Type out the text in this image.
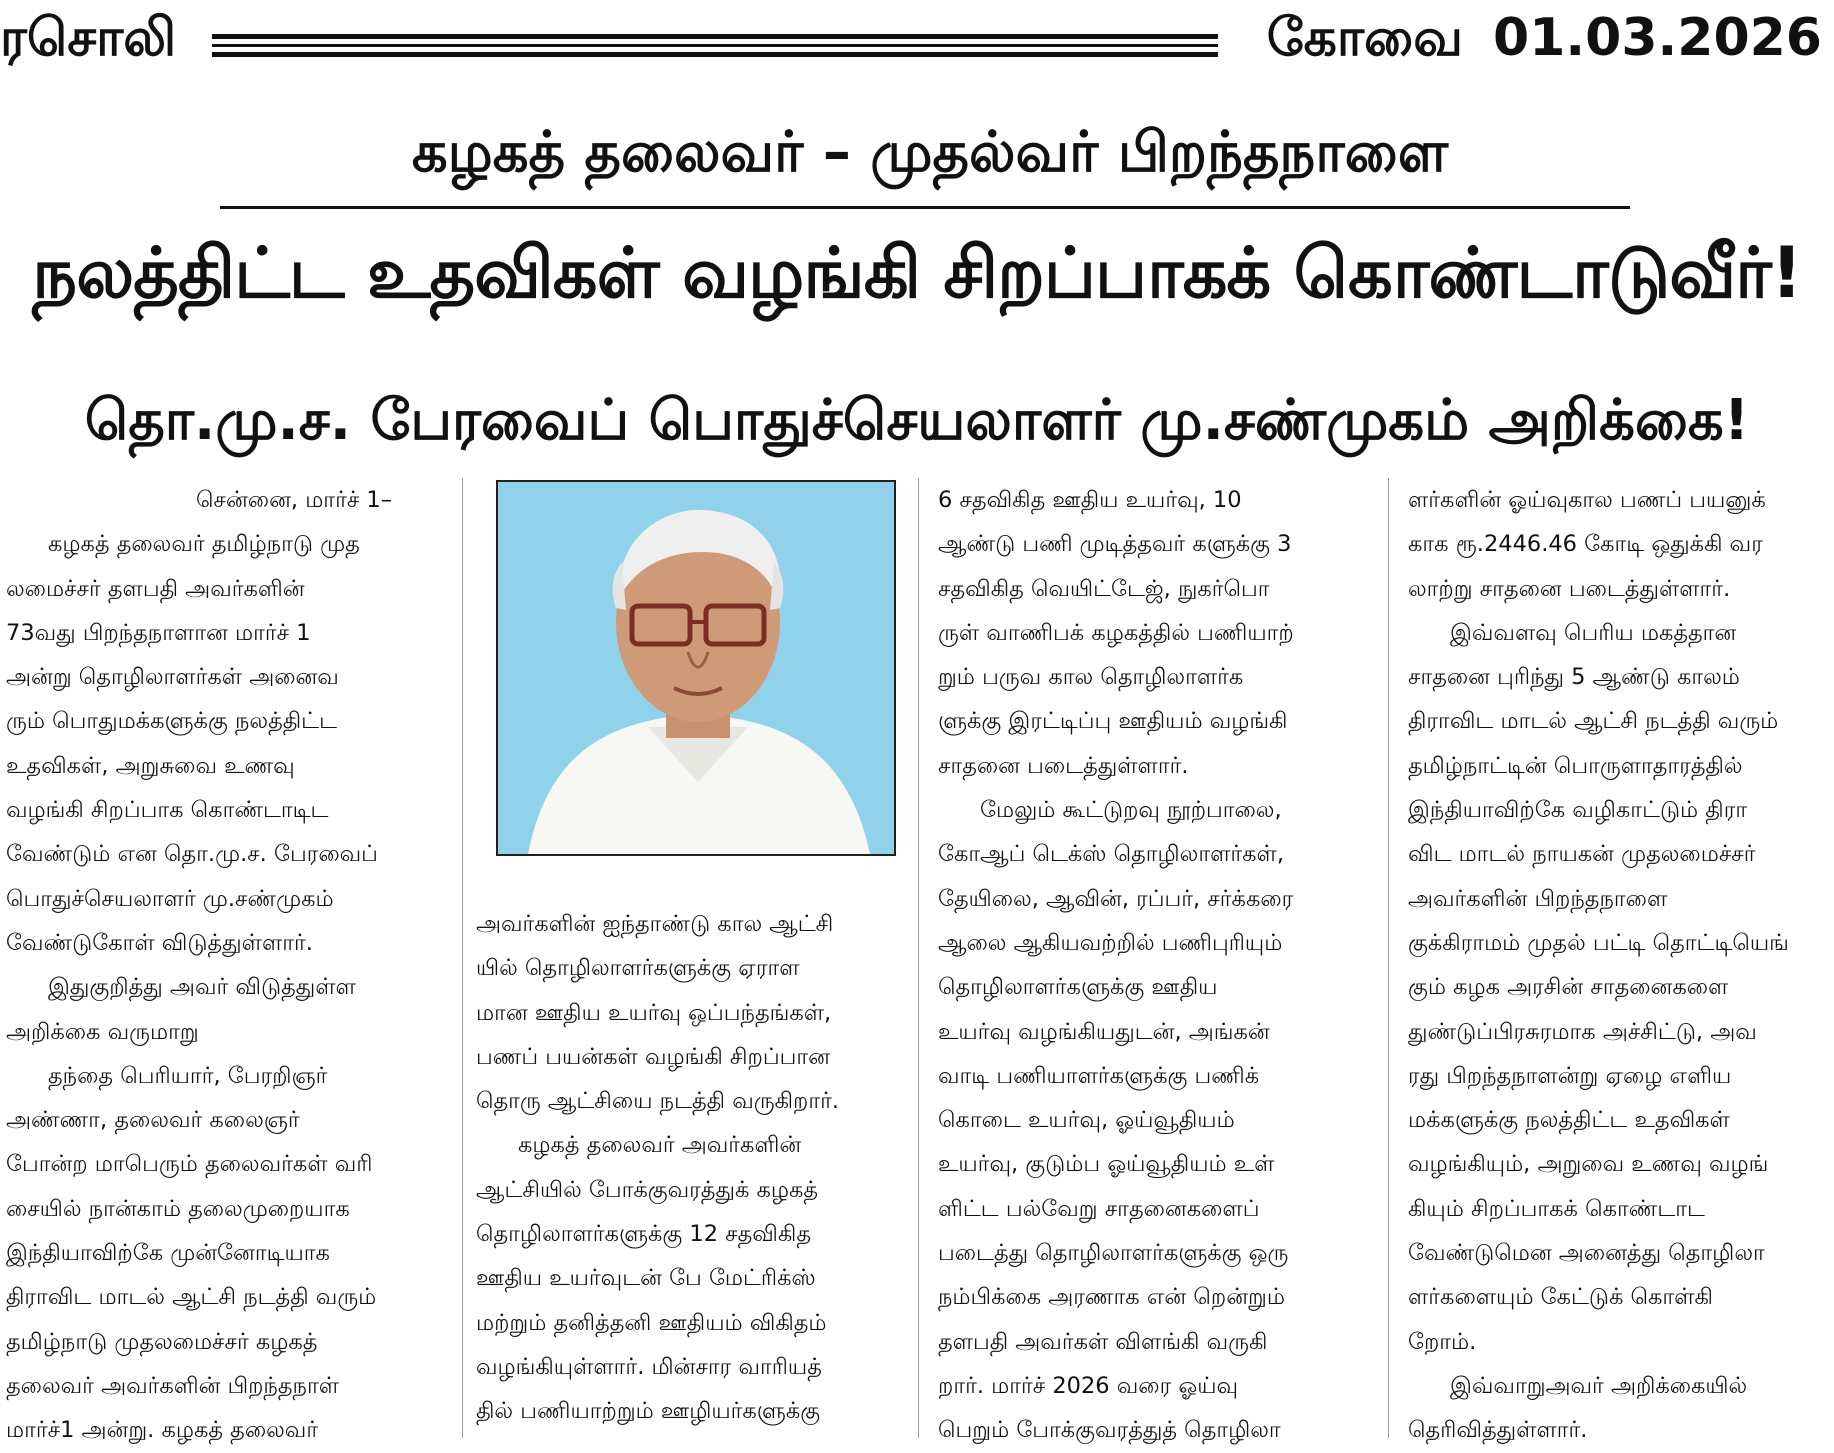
ரசொலி	கோவை 01.03.2026
கழகத் தலைவர் – முதல்வர் பிறந்தநாளை
நலத்திட்ட உதவிகள் வழங்கி சிறப்பாகக் கொண்டாடுவீர்!
தொ.மு.ச. பேரவைப் பொதுச்செயலாளர் மு.சண்முகம் அறிக்கை!
சென்னை, மார்ச் 1–
கழகத் தலைவர் தமிழ்நாடு முத
லமைச்சர் தளபதி அவர்களின்
73வது பிறந்தநாளான மார்ச் 1
அன்று தொழிலாளர்கள் அனைவ
ரும் பொதுமக்களுக்கு நலத்திட்ட
உதவிகள், அறுசுவை உணவு
வழங்கி சிறப்பாக கொண்டாடிட
வேண்டும் என தொ.மு.ச. பேரவைப்
பொதுச்செயலாளர் மு.சண்முகம்
வேண்டுகோள் விடுத்துள்ளார்.
இதுகுறித்து அவர் விடுத்துள்ள
அறிக்கை வருமாறு
தந்தை பெரியார், பேரறிஞர்
அண்ணா, தலைவர் கலைஞர்
போன்ற மாபெரும் தலைவர்கள் வரி
சையில் நான்காம் தலைமுறையாக
இந்தியாவிற்கே முன்னோடியாக
திராவிட மாடல் ஆட்சி நடத்தி வரும்
தமிழ்நாடு முதலமைச்சர் கழகத்
தலைவர் அவர்களின் பிறந்தநாள்
மார்ச்1 அன்று. கழகத் தலைவர்
அவர்களின் ஐந்தாண்டு கால ஆட்சி
யில் தொழிலாளர்களுக்கு ஏராள
மான ஊதிய உயர்வு ஒப்பந்தங்கள்,
பணப் பயன்கள் வழங்கி சிறப்பான
தொரு ஆட்சியை நடத்தி வருகிறார்.
கழகத் தலைவர் அவர்களின்
ஆட்சியில் போக்குவரத்துக் கழகத்
தொழிலாளர்களுக்கு 12 சதவிகித
ஊதிய உயர்வுடன் பே மேட்ரிக்ஸ்
மற்றும் தனித்தனி ஊதியம் விகிதம்
வழங்கியுள்ளார். மின்சார வாரியத்
தில் பணியாற்றும் ஊழியர்களுக்கு
6 சதவிகித ஊதிய உயர்வு, 10
ஆண்டு பணி முடித்தவர் களுக்கு 3
சதவிகித வெயிட்டேஜ், நுகர்பொ
ருள் வாணிபக் கழகத்தில் பணியாற்
றும் பருவ கால தொழிலாளர்க
ளுக்கு இரட்டிப்பு ஊதியம் வழங்கி
சாதனை படைத்துள்ளார்.
மேலும் கூட்டுறவு நூற்பாலை,
கோஆப் டெக்ஸ் தொழிலாளர்கள்,
தேயிலை, ஆவின், ரப்பர், சர்க்கரை
ஆலை ஆகியவற்றில் பணிபுரியும்
தொழிலாளர்களுக்கு ஊதிய
உயர்வு வழங்கியதுடன், அங்கன்
வாடி பணியாளர்களுக்கு பணிக்
கொடை உயர்வு, ஓய்வூதியம்
உயர்வு, குடும்ப ஓய்வூதியம் உள்
ளிட்ட பல்வேறு சாதனைகளைப்
படைத்து தொழிலாளர்களுக்கு ஒரு
நம்பிக்கை அரணாக என் றென்றும்
தளபதி அவர்கள் விளங்கி வருகி
றார். மார்ச் 2026 வரை ஓய்வு
பெறும் போக்குவரத்துத் தொழிலா
ளர்களின் ஓய்வுகால பணப் பயனுக்
காக ரூ.2446.46 கோடி ஒதுக்கி வர
லாற்று சாதனை படைத்துள்ளார்.
இவ்வளவு பெரிய மகத்தான
சாதனை புரிந்து 5 ஆண்டு காலம்
திராவிட மாடல் ஆட்சி நடத்தி வரும்
தமிழ்நாட்டின் பொருளாதாரத்தில்
இந்தியாவிற்கே வழிகாட்டும் திரா
விட மாடல் நாயகன் முதலமைச்சர்
அவர்களின் பிறந்தநாளை
குக்கிராமம் முதல் பட்டி தொட்டியெங்
கும் கழக அரசின் சாதனைகளை
துண்டுப்பிரசுரமாக அச்சிட்டு, அவ
ரது பிறந்தநாளன்று ஏழை எளிய
மக்களுக்கு நலத்திட்ட உதவிகள்
வழங்கியும், அறுவை உணவு வழங்
கியும் சிறப்பாகக் கொண்டாட
வேண்டுமென அனைத்து தொழிலா
ளர்களையும் கேட்டுக் கொள்கி
றோம்.
இவ்வாறுஅவர் அறிக்கையில்
தெரிவித்துள்ளார்.
